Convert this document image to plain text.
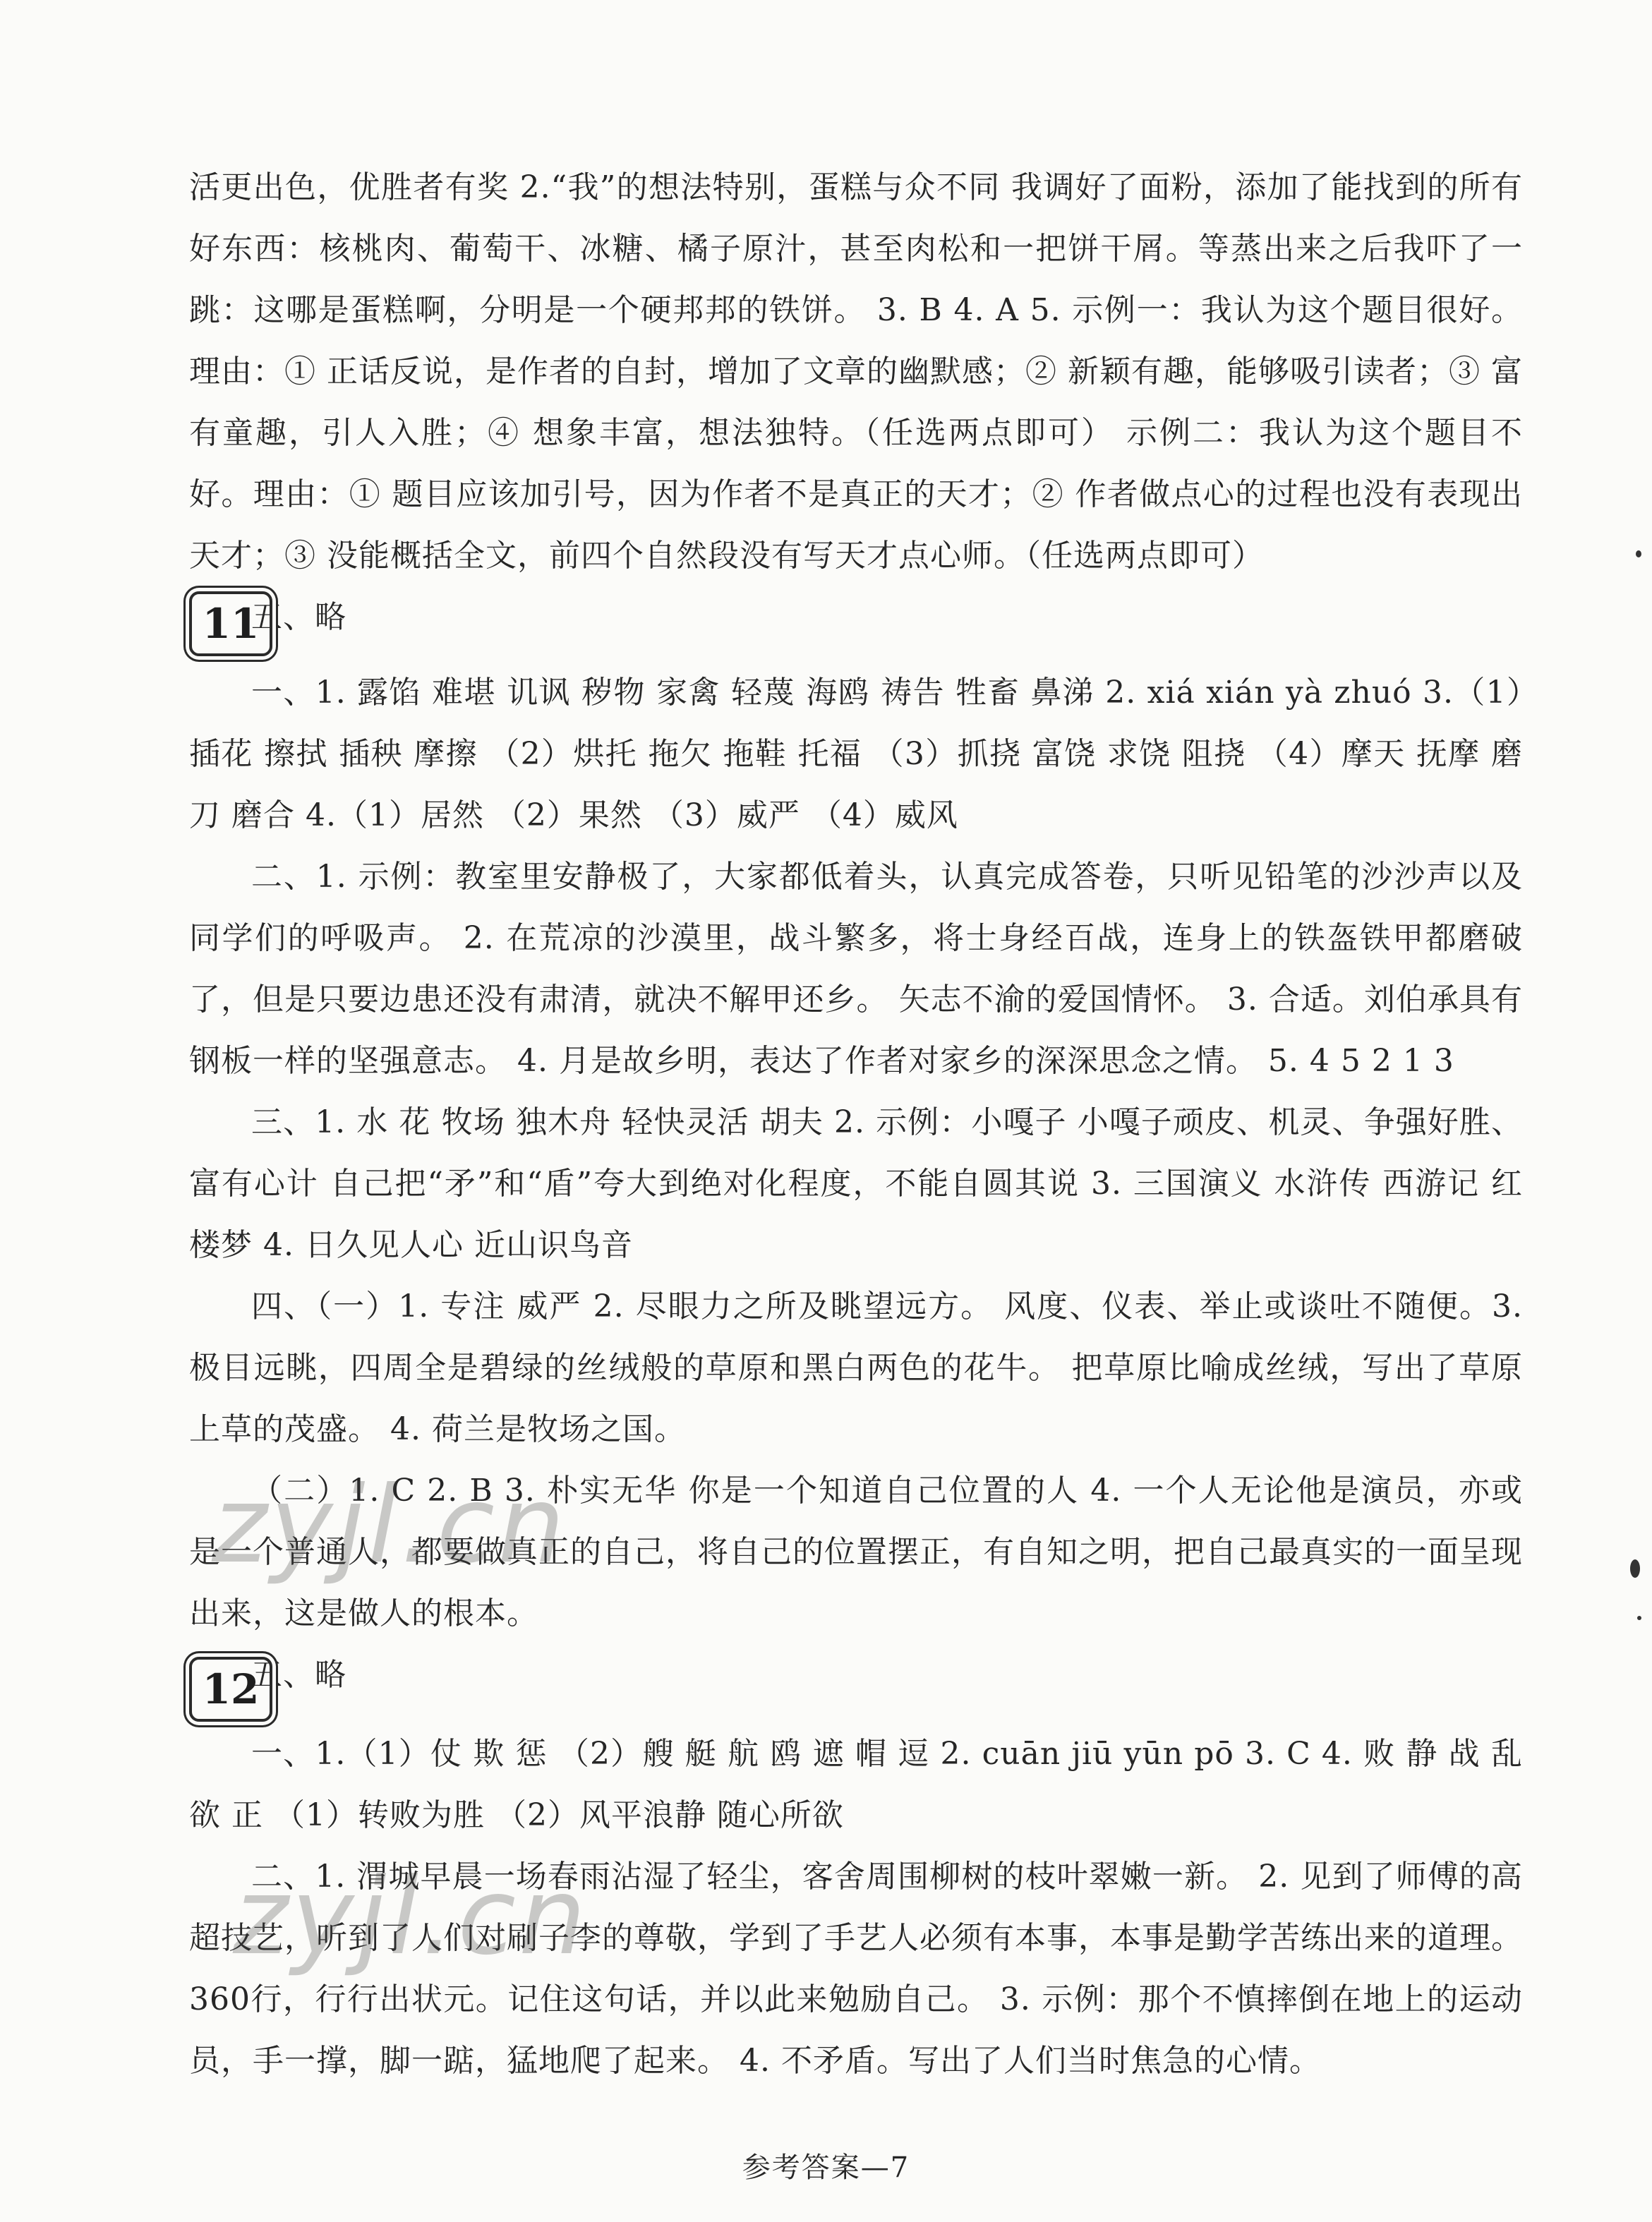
活更出色，优胜者有奖 2.“我”的想法特别，蛋糕与众不同 我调好了面粉，添加了能找到的所有好东西：核桃肉、葡萄干、冰糖、橘子原汁，甚至肉松和一把饼干屑。等蒸出来之后我吓了一跳：这哪是蛋糕啊，分明是一个硬邦邦的铁饼。 3. B 4. A 5. 示例一：我认为这个题目很好。理由：① 正话反说，是作者的自封，增加了文章的幽默感；② 新颖有趣，能够吸引读者；③ 富有童趣，引人入胜；④ 想象丰富，想法独特。（任选两点即可） 示例二：我认为这个题目不好。理由：① 题目应该加引号，因为作者不是真正的天才；② 作者做点心的过程也没有表现出天才；③ 没能概括全文，前四个自然段没有写天才点心师。（任选两点即可）

五、略

11

一、1. 露馅 难堪 讥讽 秽物 家禽 轻蔑 海鸥 祷告 牲畜 鼻涕 2. xiá xián yà zhuó 3.（1）插花 擦拭 插秧 摩擦 （2）烘托 拖欠 拖鞋 托福 （3）抓挠 富饶 求饶 阻挠 （4）摩天 抚摩 磨刀 磨合 4.（1）居然 （2）果然 （3）威严 （4）威风

二、1. 示例：教室里安静极了，大家都低着头，认真完成答卷，只听见铅笔的沙沙声以及同学们的呼吸声。 2. 在荒凉的沙漠里，战斗繁多，将士身经百战，连身上的铁盔铁甲都磨破了，但是只要边患还没有肃清，就决不解甲还乡。 矢志不渝的爱国情怀。 3. 合适。刘伯承具有钢板一样的坚强意志。 4. 月是故乡明，表达了作者对家乡的深深思念之情。 5. 4 5 2 1 3

三、1. 水 花 牧场 独木舟 轻快灵活 胡夫 2. 示例：小嘎子 小嘎子顽皮、机灵、争强好胜、富有心计 自己把“矛”和“盾”夸大到绝对化程度，不能自圆其说 3. 三国演义 水浒传 西游记 红楼梦 4. 日久见人心 近山识鸟音

四、（一）1. 专注 威严 2. 尽眼力之所及眺望远方。 风度、仪表、举止或谈吐不随便。3. 极目远眺，四周全是碧绿的丝绒般的草原和黑白两色的花牛。 把草原比喻成丝绒，写出了草原上草的茂盛。 4. 荷兰是牧场之国。

（二）1. C 2. B 3. 朴实无华 你是一个知道自己位置的人 4. 一个人无论他是演员，亦或是一个普通人，都要做真正的自己，将自己的位置摆正，有自知之明，把自己最真实的一面呈现出来，这是做人的根本。

五、略

12

一、1.（1）仗 欺 惩 （2）艘 艇 航 鸥 遮 帽 逗 2. cuān jiū yūn pō 3. C 4. 败 静 战 乱 欲 正 （1）转败为胜 （2）风平浪静 随心所欲

二、1. 渭城早晨一场春雨沾湿了轻尘，客舍周围柳树的枝叶翠嫩一新。 2. 见到了师傅的高超技艺，听到了人们对刷子李的尊敬，学到了手艺人必须有本事，本事是勤学苦练出来的道理。360行，行行出状元。记住这句话，并以此来勉励自己。 3. 示例：那个不慎摔倒在地上的运动员，手一撑，脚一踮，猛地爬了起来。 4. 不矛盾。写出了人们当时焦急的心情。

zyjl.cn
zyjl.cn
参考答案—7
